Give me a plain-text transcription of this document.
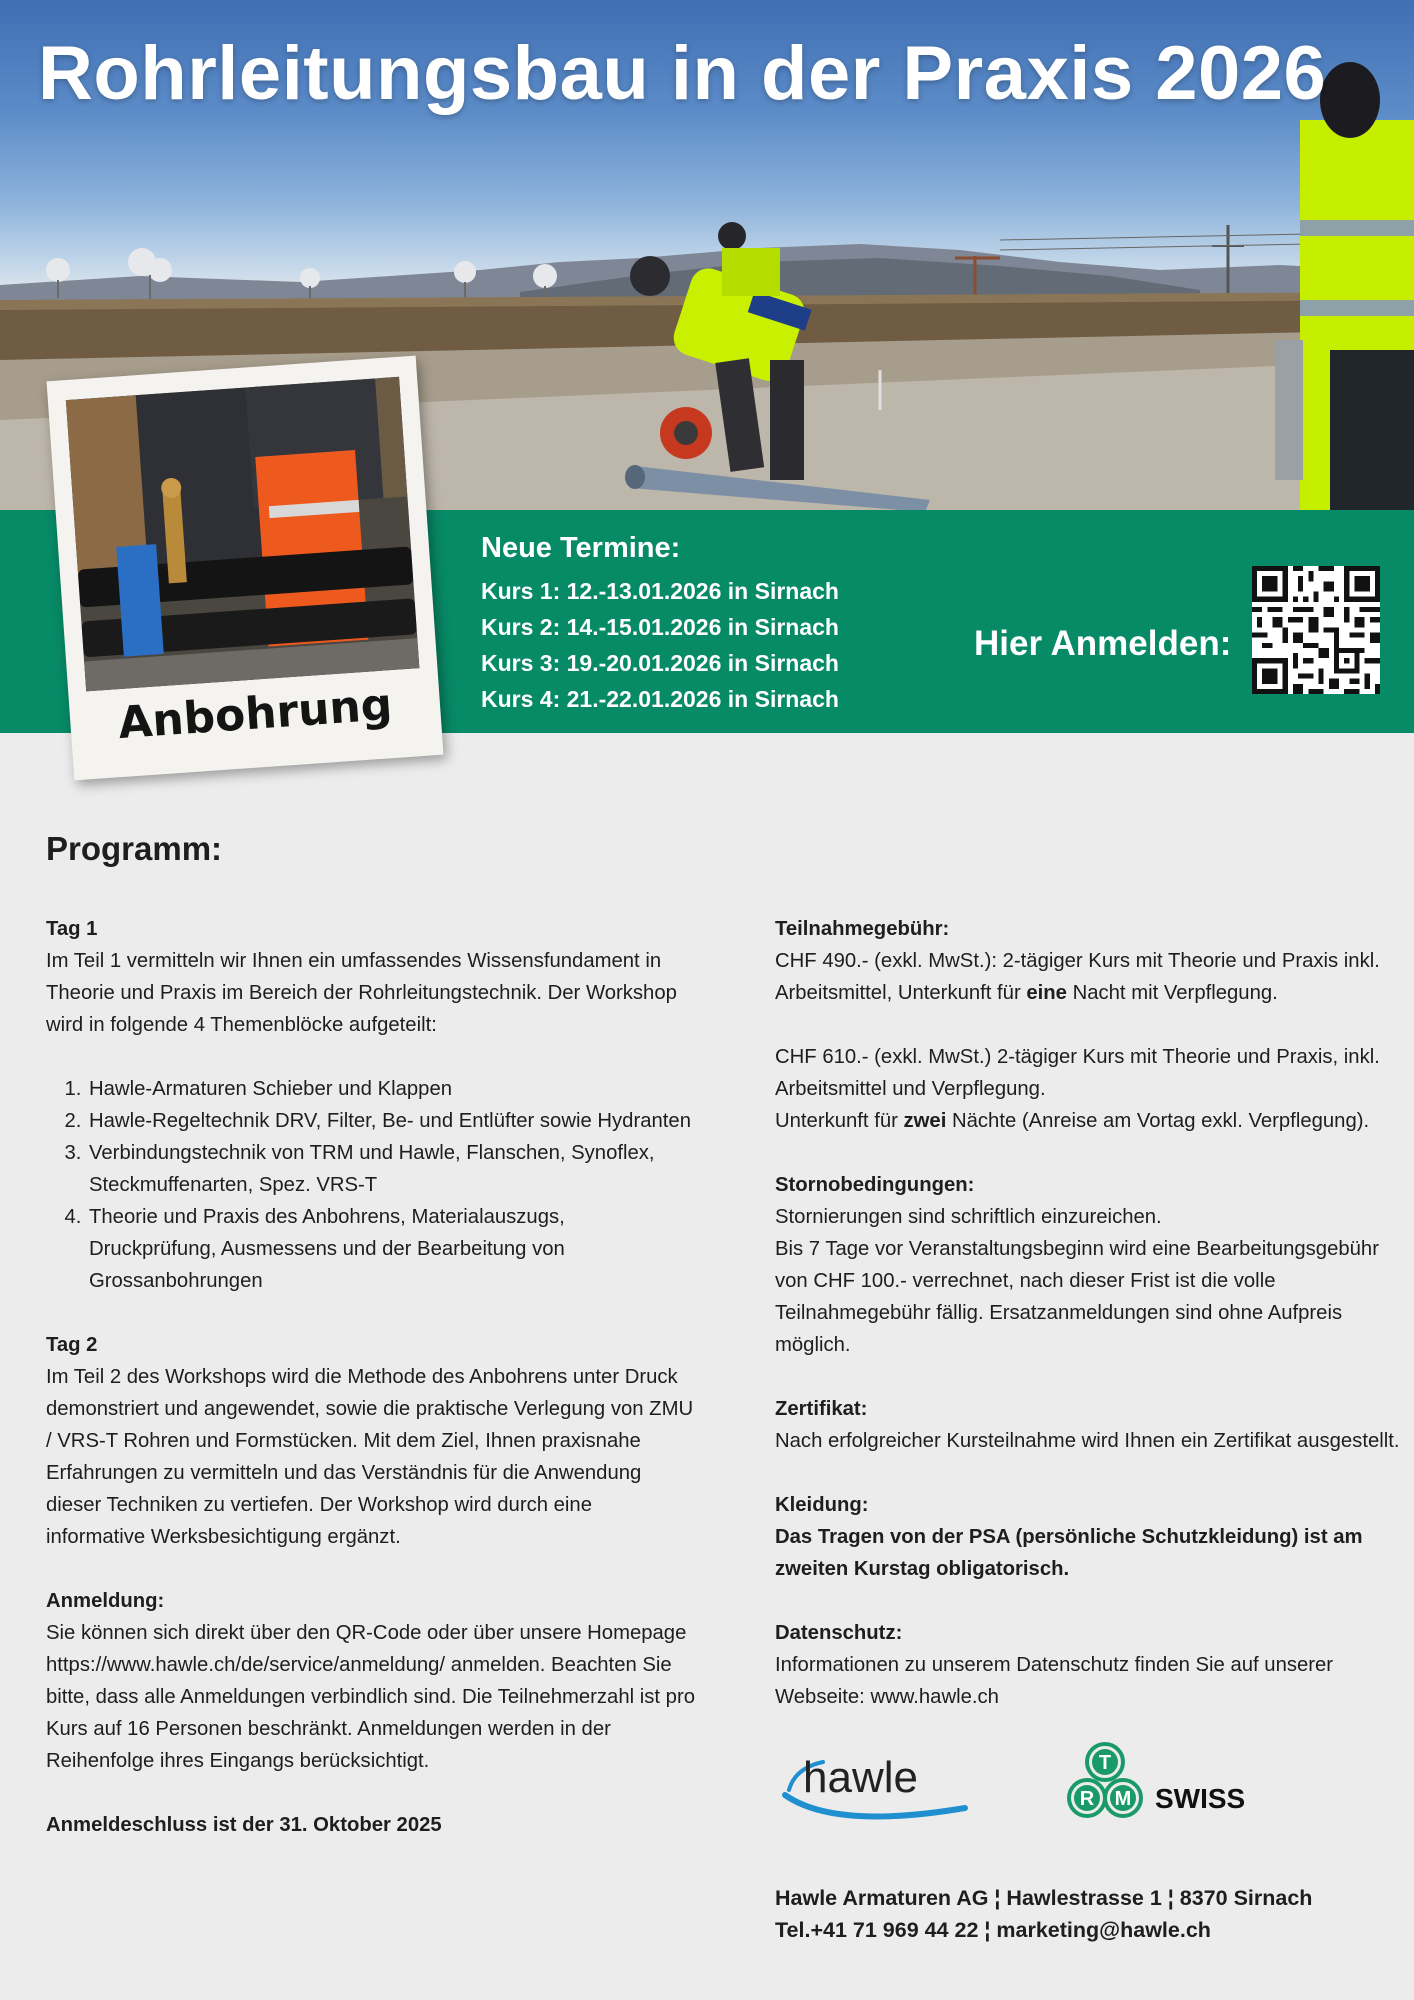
Rohrleitungsbau in der Praxis 2026
Neue Termine:
Kurs 1: 12.-13.01.2026 in Sirnach
Kurs 2: 14.-15.01.2026 in Sirnach
Kurs 3: 19.-20.01.2026 in Sirnach
Kurs 4: 21.-22.01.2026 in Sirnach
Hier Anmelden:
Anbohrung
Programm:

Tag 1

Im Teil 1 vermitteln wir Ihnen ein umfassendes Wissensfundament in Theorie und Praxis im Bereich der Rohrleitungstechnik. Der Workshop wird in folgende 4 Themenblöcke aufgeteilt:

1. Hawle-Armaturen Schieber und Klappen
2. Hawle-Regeltechnik DRV, Filter, Be- und Entlüfter sowie Hydranten
3. Verbindungstechnik von TRM und Hawle, Flanschen, Synoflex, Steckmuffenarten, Spez. VRS-T
4. Theorie und Praxis des Anbohrens, Materialauszugs, Druckprüfung, Ausmessens und der Bearbeitung von Grossanbohrungen

Tag 2

Im Teil 2 des Workshops wird die Methode des Anbohrens unter Druck demonstriert und angewendet, sowie die praktische Verlegung von ZMU / VRS-T Rohren und Formstücken. Mit dem Ziel, Ihnen praxisnahe Erfahrungen zu vermitteln und das Verständnis für die Anwendung dieser Techniken zu vertiefen. Der Workshop wird durch eine informative Werksbesichtigung ergänzt.

Anmeldung:

Sie können sich direkt über den QR-Code oder über unsere Homepage https://www.hawle.ch/de/service/anmeldung/ anmelden. Beachten Sie bitte, dass alle Anmeldungen verbindlich sind. Die Teilnehmerzahl ist pro Kurs auf 16 Personen beschränkt. Anmeldungen werden in der Reihenfolge ihres Eingangs berücksichtigt.

Anmeldeschluss ist der 31. Oktober 2025

Teilnahmegebühr:

CHF 490.- (exkl. MwSt.): 2-tägiger Kurs mit Theorie und Praxis inkl. Arbeitsmittel, Unterkunft für eine Nacht mit Verpflegung.

CHF 610.- (exkl. MwSt.) 2-tägiger Kurs mit Theorie und Praxis, inkl. Arbeitsmittel und Verpflegung.

Unterkunft für zwei Nächte (Anreise am Vortag exkl. Verpflegung).

Stornobedingungen:

Stornierungen sind schriftlich einzureichen.

Bis 7 Tage vor Veranstaltungsbeginn wird eine Bearbeitungsgebühr von CHF 100.- verrechnet, nach dieser Frist ist die volle Teilnahmegebühr fällig. Ersatzanmeldungen sind ohne Aufpreis möglich.

Zertifikat:

Nach erfolgreicher Kursteilnahme wird Ihnen ein Zertifikat ausgestellt.

Kleidung:

Das Tragen von der PSA (persönliche Schutzkleidung) ist am zweiten Kurstag obligatorisch.

Datenschutz:

Informationen zu unserem Datenschutz finden Sie auf unserer Webseite: www.hawle.ch

hawle	T
R M SWISS
Hawle Armaturen AG ¦ Hawlestrasse 1 ¦ 8370 Sirnach
Tel.+41 71 969 44 22 ¦ marketing@hawle.ch
